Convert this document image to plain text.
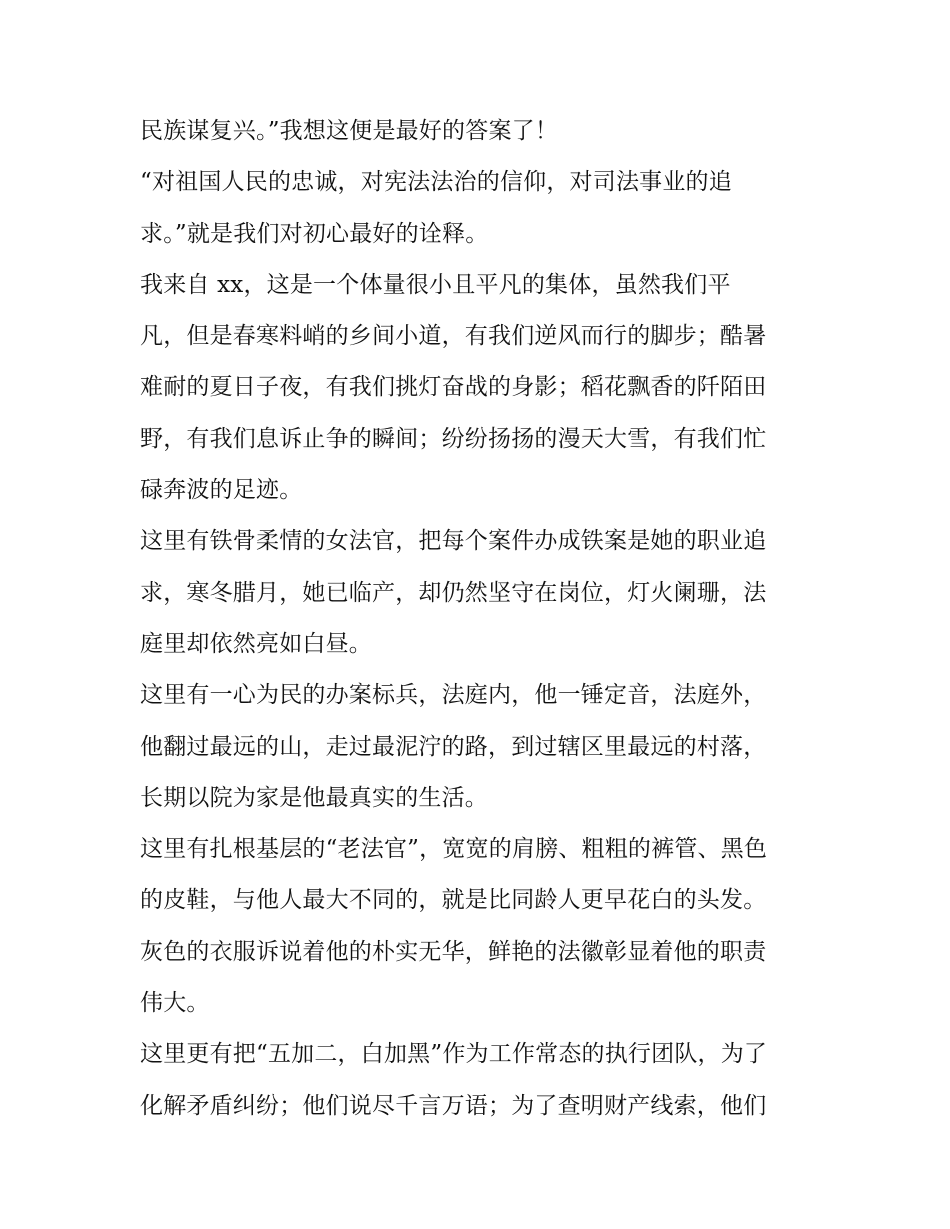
民族谋复兴。”我想这便是最好的答案了！
“对祖国人民的忠诚，对宪法法治的信仰，对司法事业的追
求。”就是我们对初心最好的诠释。
我来自 xx，这是一个体量很小且平凡的集体，虽然我们平
凡，但是春寒料峭的乡间小道，有我们逆风而行的脚步；酷暑
难耐的夏日子夜，有我们挑灯奋战的身影；稻花飘香的阡陌田
野，有我们息诉止争的瞬间；纷纷扬扬的漫天大雪，有我们忙
碌奔波的足迹。
这里有铁骨柔情的女法官，把每个案件办成铁案是她的职业追
求，寒冬腊月，她已临产，却仍然坚守在岗位，灯火阑珊，法
庭里却依然亮如白昼。
这里有一心为民的办案标兵，法庭内，他一锤定音，法庭外，
他翻过最远的山，走过最泥泞的路，到过辖区里最远的村落，
长期以院为家是他最真实的生活。
这里有扎根基层的“老法官”，宽宽的肩膀、粗粗的裤管、黑色
的皮鞋，与他人最大不同的，就是比同龄人更早花白的头发。
灰色的衣服诉说着他的朴实无华，鲜艳的法徽彰显着他的职责
伟大。
这里更有把“五加二，白加黑”作为工作常态的执行团队，为了
化解矛盾纠纷；他们说尽千言万语；为了查明财产线索，他们
